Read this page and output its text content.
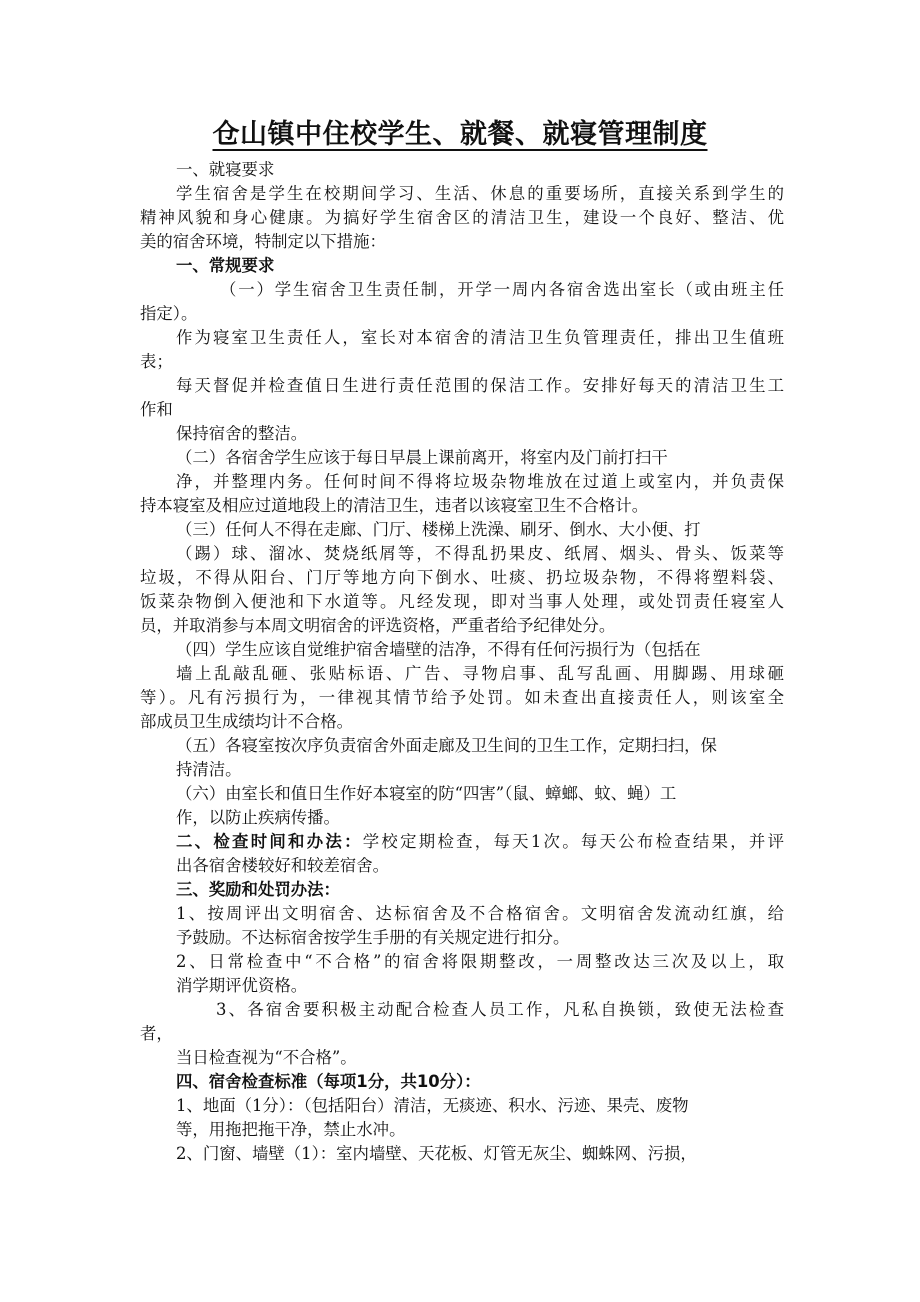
仓山镇中住校学生、就餐、就寝管理制度
一、就寝要求
学生宿舍是学生在校期间学习、生活、休息的重要场所，直接关系到学生的
精神风貌和身心健康。为搞好学生宿舍区的清洁卫生，建设一个良好、整洁、优
美的宿舍环境，特制定以下措施：
一、常规要求
（一）学生宿舍卫生责任制，开学一周内各宿舍选出室长（或由班主任
指定）。
作为寝室卫生责任人，室长对本宿舍的清洁卫生负管理责任，排出卫生值班
表；
每天督促并检查值日生进行责任范围的保洁工作。安排好每天的清洁卫生工
作和
保持宿舍的整洁。
（二）各宿舍学生应该于每日早晨上课前离开，将室内及门前打扫干
净，并整理内务。任何时间不得将垃圾杂物堆放在过道上或室内，并负责保
持本寝室及相应过道地段上的清洁卫生，违者以该寝室卫生不合格计。
（三）任何人不得在走廊、门厅、楼梯上洗澡、刷牙、倒水、大小便、打
（踢）球、溜冰、焚烧纸屑等，不得乱扔果皮、纸屑、烟头、骨头、饭菜等
垃圾，不得从阳台、门厅等地方向下倒水、吐痰、扔垃圾杂物，不得将塑料袋、
饭菜杂物倒入便池和下水道等。凡经发现，即对当事人处理，或处罚责任寝室人
员，并取消参与本周文明宿舍的评选资格，严重者给予纪律处分。
（四）学生应该自觉维护宿舍墙壁的洁净，不得有任何污损行为（包括在
墙上乱敲乱砸、张贴标语、广告、寻物启事、乱写乱画、用脚踢、用球砸
等）。凡有污损行为，一律视其情节给予处罚。如未查出直接责任人，则该室全
部成员卫生成绩均计不合格。
（五）各寝室按次序负责宿舍外面走廊及卫生间的卫生工作，定期扫扫，保
持清洁。
（六）由室长和值日生作好本寝室的防“四害”（鼠、蟑螂、蚊、蝇）工
作，以防止疾病传播。
二、检查时间和办法：学校定期检查，每天1次。每天公布检查结果，并评
出各宿舍楼较好和较差宿舍。
三、奖励和处罚办法：
1、按周评出文明宿舍、达标宿舍及不合格宿舍。文明宿舍发流动红旗，给
予鼓励。不达标宿舍按学生手册的有关规定进行扣分。
2、日常检查中“不合格”的宿舍将限期整改，一周整改达三次及以上，取
消学期评优资格。
3、各宿舍要积极主动配合检查人员工作，凡私自换锁，致使无法检查
者，
当日检查视为“不合格”。
四、宿舍检查标准（每项1分，共10分）：
1、地面（1分）：（包括阳台）清洁，无痰迹、积水、污迹、果壳、废物
等，用拖把拖干净，禁止水冲。
2、门窗、墙壁（1）：室内墙壁、天花板、灯管无灰尘、蜘蛛网、污损，
